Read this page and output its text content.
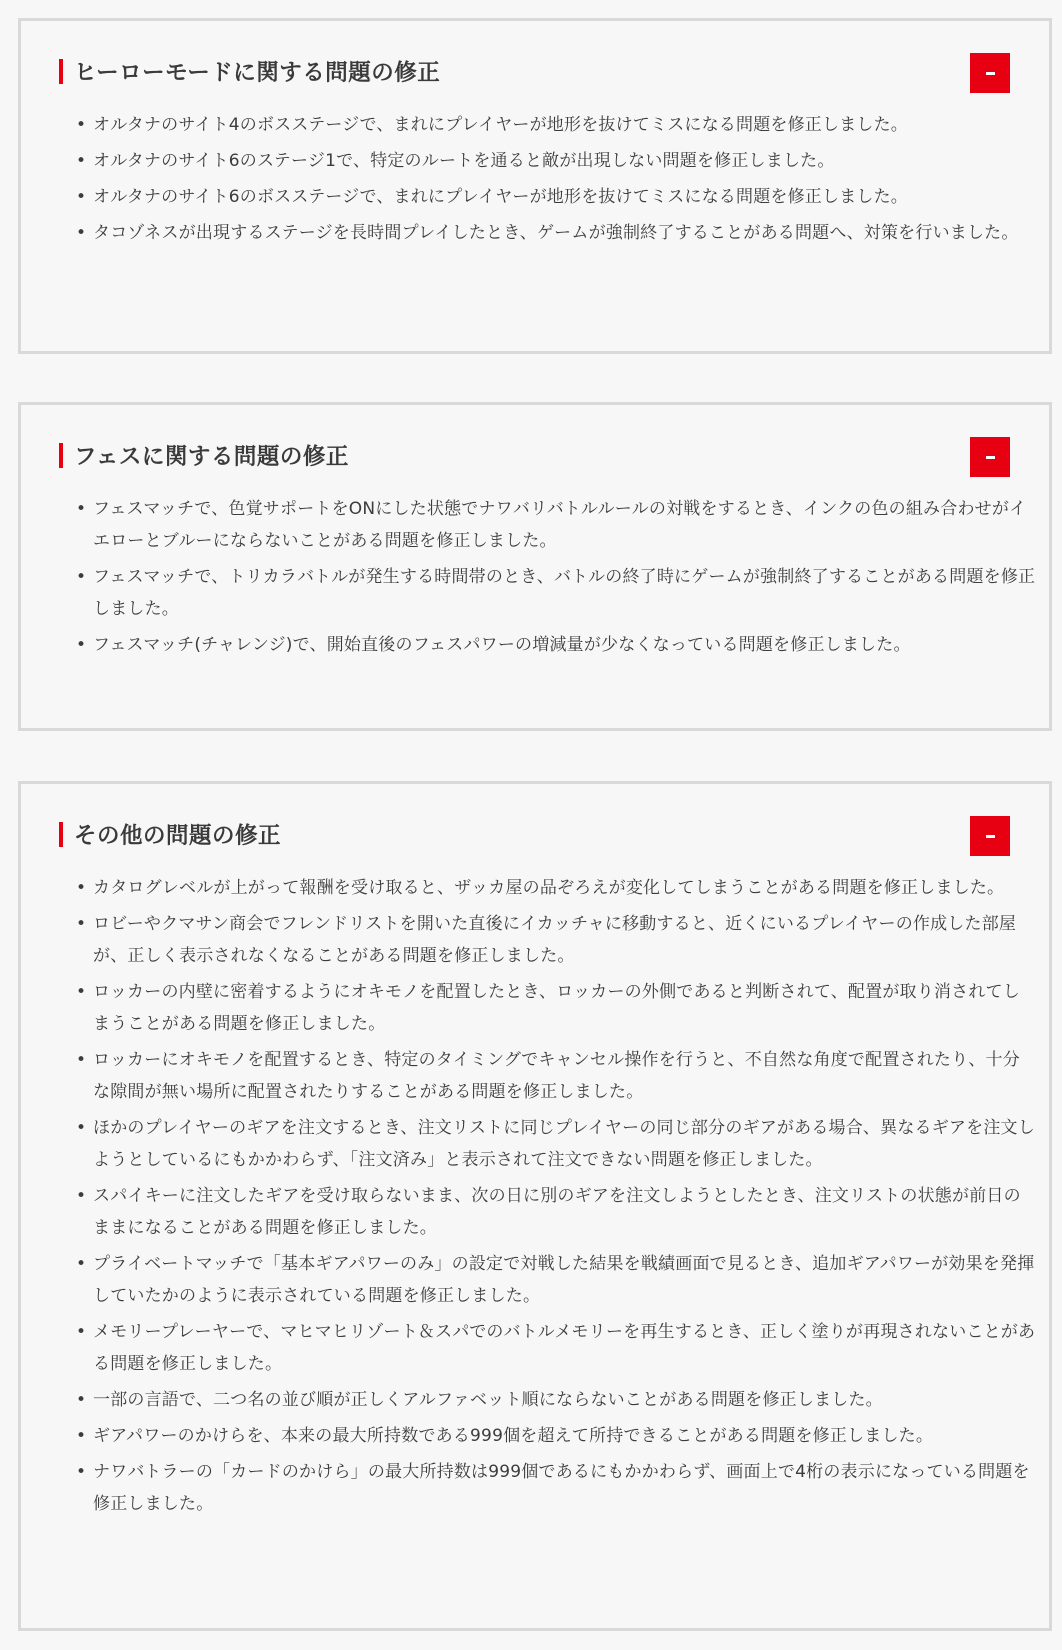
ヒーローモードに関する問題の修正
• オルタナのサイト4のボスステージで、まれにプレイヤーが地形を抜けてミスになる問題を修正しました。
• オルタナのサイト6のステージ1で、特定のルートを通ると敵が出現しない問題を修正しました。
• オルタナのサイト6のボスステージで、まれにプレイヤーが地形を抜けてミスになる問題を修正しました。
• タコゾネスが出現するステージを長時間プレイしたとき、ゲームが強制終了することがある問題へ、対策を行いました。
フェスに関する問題の修正
• フェスマッチで、色覚サポートをONにした状態でナワバリバトルルールの対戦をするとき、インクの色の組み合わせがイエローとブルーにならないことがある問題を修正しました。
• フェスマッチで、トリカラバトルが発生する時間帯のとき、バトルの終了時にゲームが強制終了することがある問題を修正しました。
• フェスマッチ(チャレンジ)で、開始直後のフェスパワーの増減量が少なくなっている問題を修正しました。
その他の問題の修正
• カタログレベルが上がって報酬を受け取ると、ザッカ屋の品ぞろえが変化してしまうことがある問題を修正しました。
• ロビーやクマサン商会でフレンドリストを開いた直後にイカッチャに移動すると、近くにいるプレイヤーの作成した部屋が、正しく表示されなくなることがある問題を修正しました。
• ロッカーの内壁に密着するようにオキモノを配置したとき、ロッカーの外側であると判断されて、配置が取り消されてしまうことがある問題を修正しました。
• ロッカーにオキモノを配置するとき、特定のタイミングでキャンセル操作を行うと、不自然な角度で配置されたり、十分な隙間が無い場所に配置されたりすることがある問題を修正しました。
• ほかのプレイヤーのギアを注文するとき、注文リストに同じプレイヤーの同じ部分のギアがある場合、異なるギアを注文しようとしているにもかかわらず、「注文済み」と表示されて注文できない問題を修正しました。
• スパイキーに注文したギアを受け取らないまま、次の日に別のギアを注文しようとしたとき、注文リストの状態が前日のままになることがある問題を修正しました。
• プライベートマッチで「基本ギアパワーのみ」の設定で対戦した結果を戦績画面で見るとき、追加ギアパワーが効果を発揮していたかのように表示されている問題を修正しました。
• メモリープレーヤーで、マヒマヒリゾート＆スパでのバトルメモリーを再生するとき、正しく塗りが再現されないことがある問題を修正しました。
• 一部の言語で、二つ名の並び順が正しくアルファベット順にならないことがある問題を修正しました。
• ギアパワーのかけらを、本来の最大所持数である999個を超えて所持できることがある問題を修正しました。
• ナワバトラーの「カードのかけら」の最大所持数は999個であるにもかかわらず、画面上で4桁の表示になっている問題を修正しました。
